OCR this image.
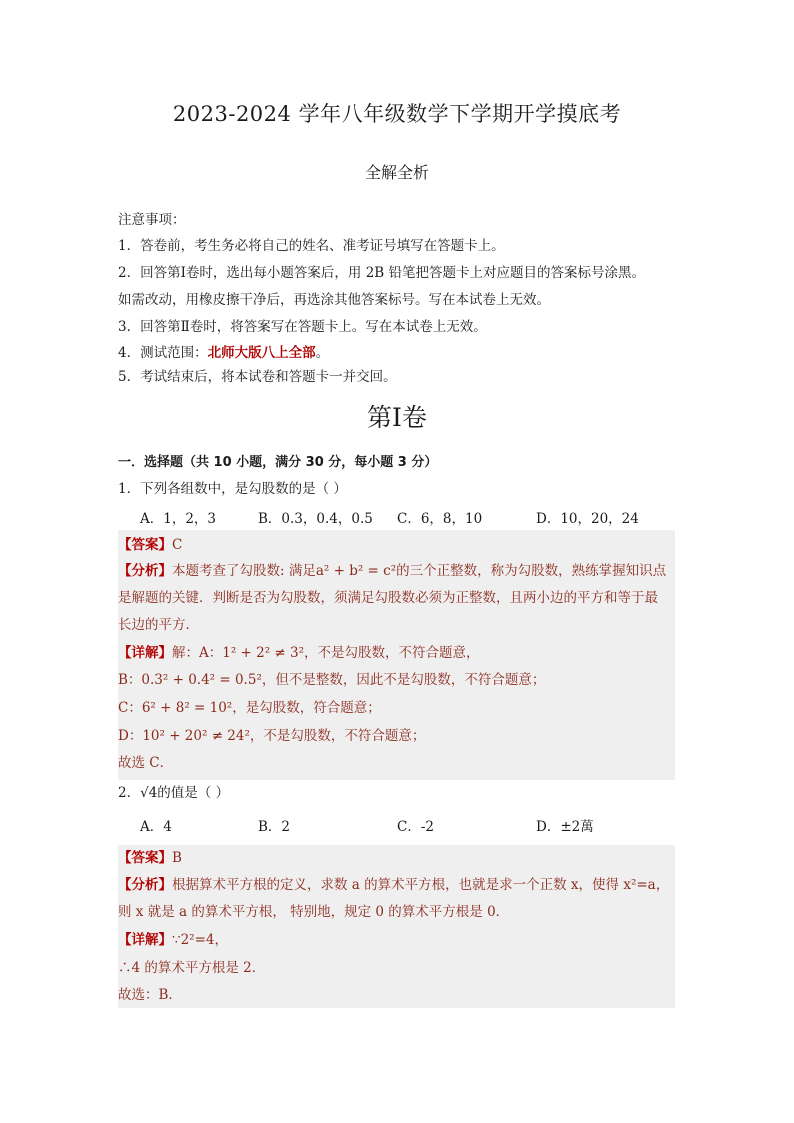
2023-2024 学年八年级数学下学期开学摸底考
全解全析
注意事项：
1．答卷前，考生务必将自己的姓名、准考证号填写在答题卡上。
2．回答第Ⅰ卷时，选出每小题答案后，用 2B 铅笔把答题卡上对应题目的答案标号涂黑。
如需改动，用橡皮擦干净后，再选涂其他答案标号。写在本试卷上无效。
3．回答第Ⅱ卷时，将答案写在答题卡上。写在本试卷上无效。
4．测试范围：北师大版八上全部。
5．考试结束后，将本试卷和答题卡一并交回。
第Ⅰ卷
一．选择题（共 10 小题，满分 30 分，每小题 3 分）
1．下列各组数中，是勾股数的是（ ）
A．1，2，3	B．0.3，0.4，0.5 C．6，8，10	D．10，20，24
【答案】C
【分析】本题考查了勾股数: 满足a² + b² = c²的三个正整数，称为勾股数，熟练掌握知识点
是解题的关键．判断是否为勾股数，须满足勾股数必须为正整数，且两小边的平方和等于最
长边的平方．
【详解】解：A：1² + 2² ≠ 3²，不是勾股数，不符合题意，
B：0.3² + 0.4² = 0.5²，但不是整数，因此不是勾股数，不符合题意；
C：6² + 8² = 10²，是勾股数，符合题意；
D：10² + 20² ≠ 24²，不是勾股数，不符合题意；
故选 C．
2．√4的值是（ ）
A．4	B．2	C．-2	D．±2萬
【答案】B
【分析】根据算术平方根的定义，求数 a 的算术平方根，也就是求一个正数 x，使得 x²=a，
则 x 就是 a 的算术平方根， 特别地，规定 0 的算术平方根是 0．
【详解】∵2²=4，
∴4 的算术平方根是 2．
故选：B．
